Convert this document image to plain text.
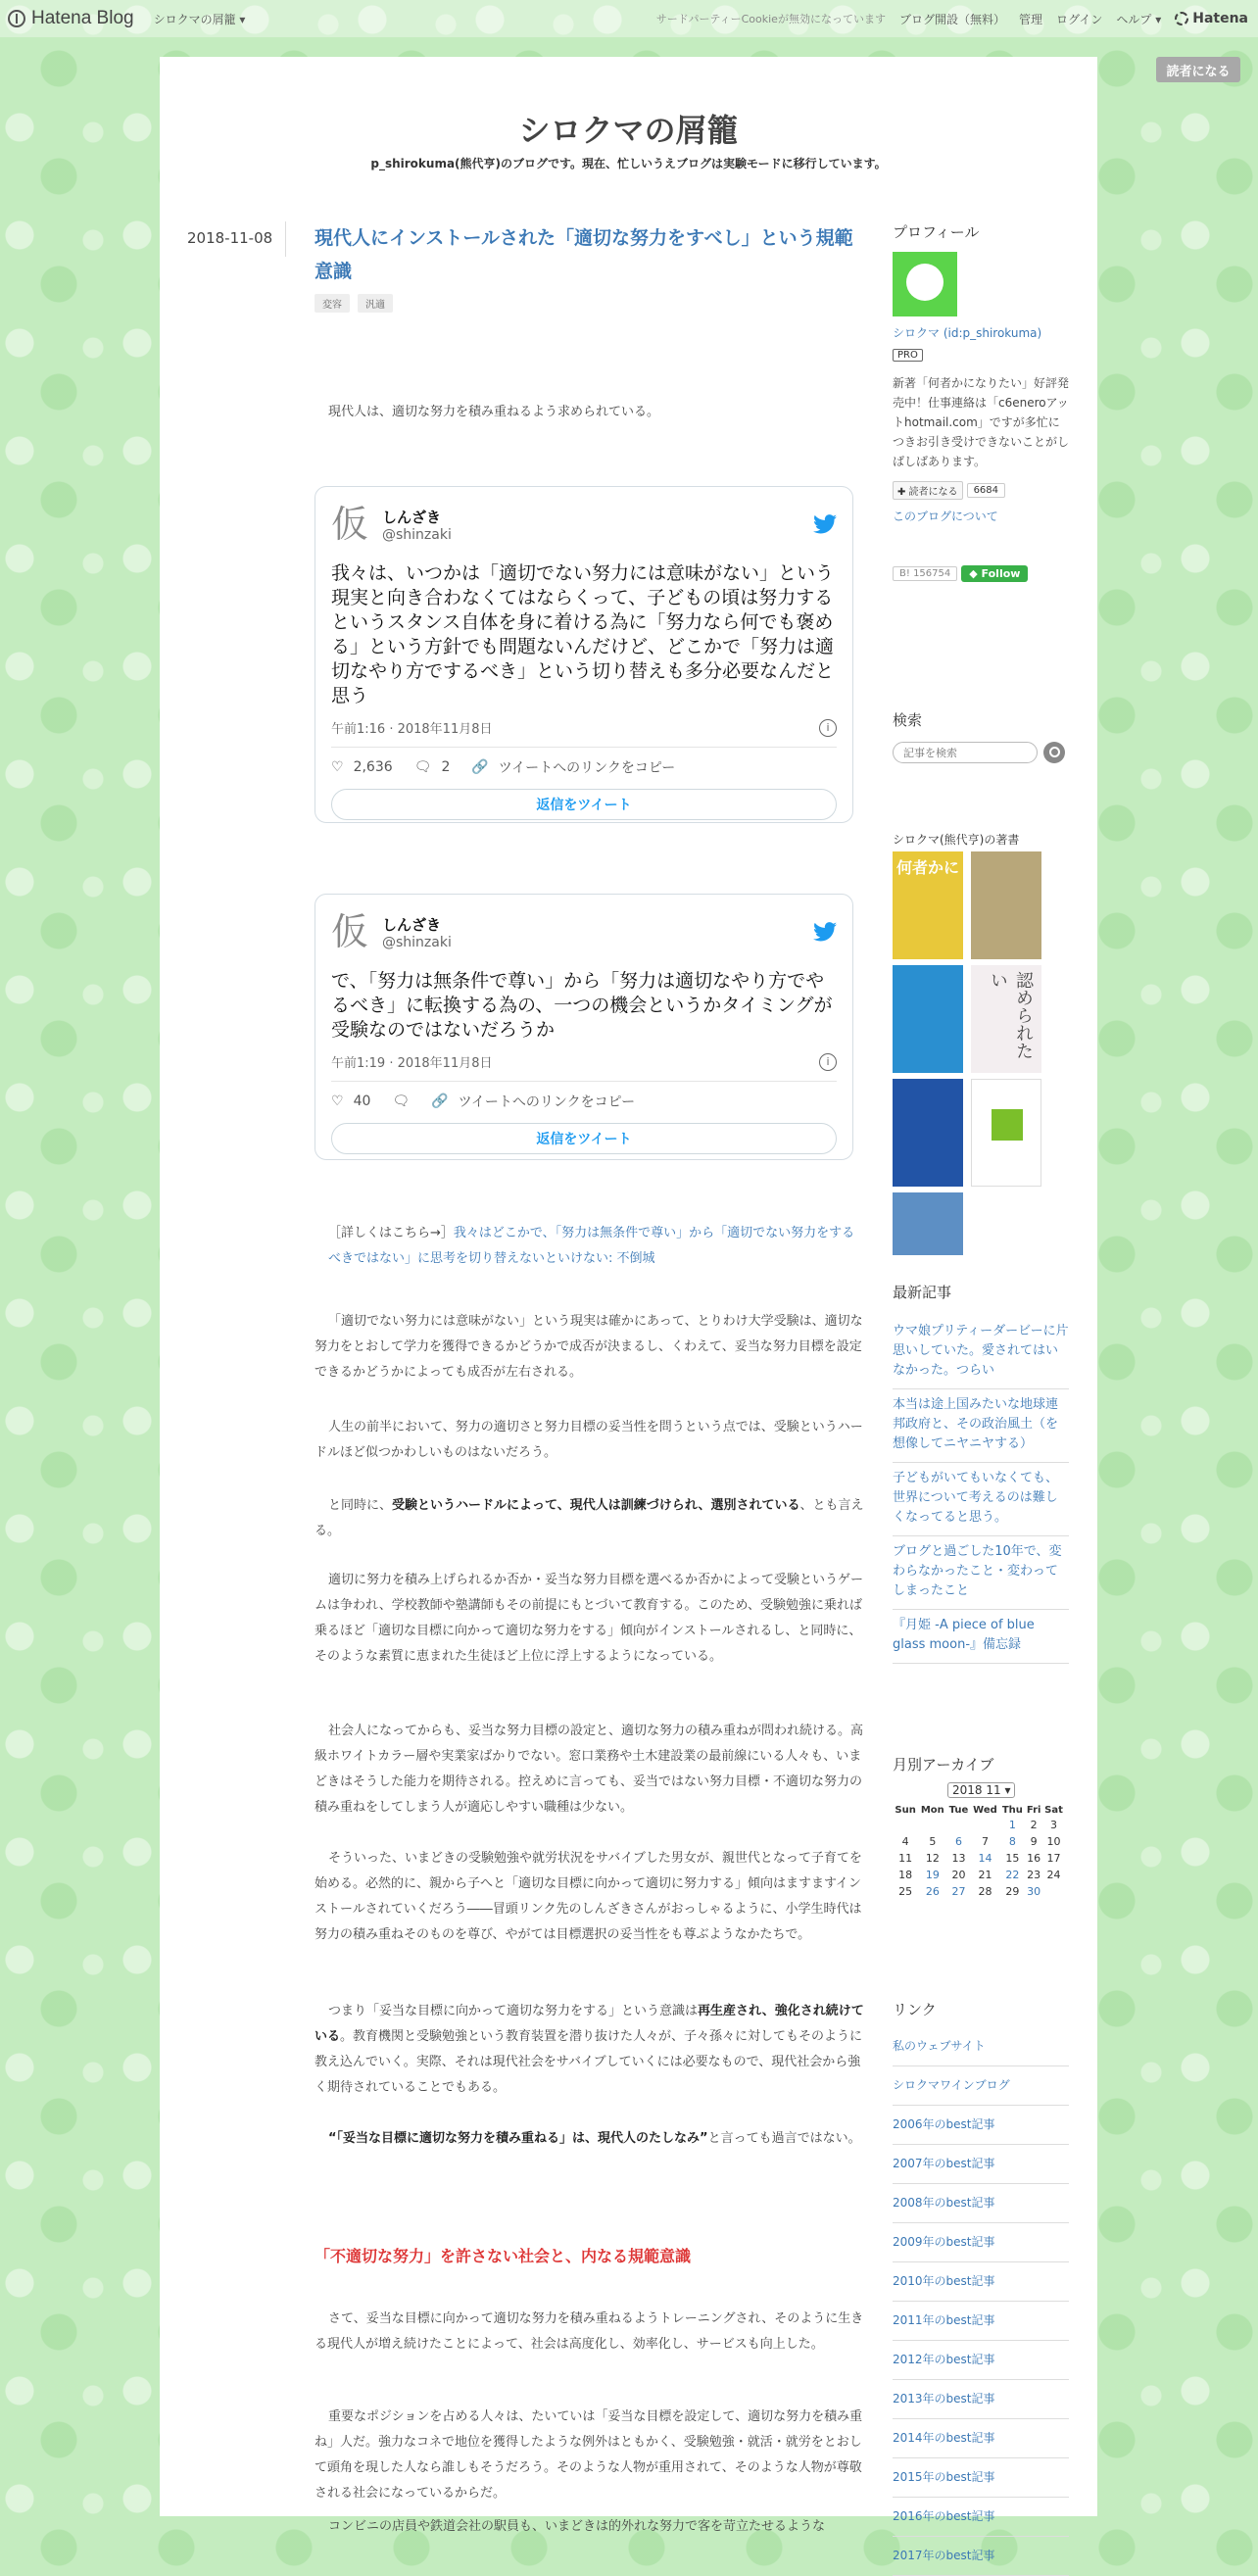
Hatena Blog シロクマの屑籠 ▾	サードパーティーCookieが無効になっています ブログ開設（無料） 管理 ログイン ヘルプ ▾ Hatena
読者になる
シロクマの屑籠
p_shirokuma(熊代亨)のブログです。現在、忙しいうえブログは実験モードに移行しています。
2018-11-08 現代人にインストールされた「適切な努力をすべし」という規範意識
変容	汎適
現代人は、適切な努力を積み重ねるよう求められている。
仮 しんざき
@shinzaki
我々は、いつかは「適切でない努力には意味がない」という現実と向き合わなくてはならくって、子どもの頃は努力するというスタンス自体を身に着ける為に「努力なら何でも褒める」という方針でも問題ないんだけど、どこかで「努力は適切なやり方でするべき」という切り替えも多分必要なんだと思う
午前1:16 · 2018年11月8日	i
♡ 2,636 🗨 2 🔗 ツイートへのリンクをコピー
返信をツイート
仮 しんざき
@shinzaki
で、「努力は無条件で尊い」から「努力は適切なやり方でやるべき」に転換する為の、一つの機会というかタイミングが受験なのではないだろうか
午前1:19 · 2018年11月8日	i
♡ 40 🗨 🔗 ツイートへのリンクをコピー
返信をツイート
［詳しくはこちら→］我々はどこかで、「努力は無条件で尊い」から「適切でない努力をするべきではない」に思考を切り替えないといけない: 不倒城
「適切でない努力には意味がない」という現実は確かにあって、とりわけ大学受験は、適切な努力をとおして学力を獲得できるかどうかで成否が決まるし、くわえて、妥当な努力目標を設定できるかどうかによっても成否が左右される。
人生の前半において、努力の適切さと努力目標の妥当性を問うという点では、受験というハードルほど似つかわしいものはないだろう。
と同時に、受験というハードルによって、現代人は訓練づけられ、選別されている、とも言える。
適切に努力を積み上げられるか否か・妥当な努力目標を選べるか否かによって受験というゲームは争われ、学校教師や塾講師もその前提にもとづいて教育する。このため、受験勉強に乗れば乗るほど「適切な目標に向かって適切な努力をする」傾向がインストールされるし、と同時に、そのような素質に恵まれた生徒ほど上位に浮上するようになっている。
社会人になってからも、妥当な努力目標の設定と、適切な努力の積み重ねが問われ続ける。高級ホワイトカラー層や実業家ばかりでない。窓口業務や土木建設業の最前線にいる人々も、いまどきはそうした能力を期待される。控えめに言っても、妥当ではない努力目標・不適切な努力の積み重ねをしてしまう人が適応しやすい職種は少ない。
そういった、いまどきの受験勉強や就労状況をサバイブした男女が、親世代となって子育てを始める。必然的に、親から子へと「適切な目標に向かって適切に努力する」傾向はますますインストールされていくだろう――冒頭リンク先のしんざきさんがおっしゃるように、小学生時代は努力の積み重ねそのものを尊び、やがては目標選択の妥当性をも尊ぶようなかたちで。
つまり「妥当な目標に向かって適切な努力をする」という意識は再生産され、強化され続けている。教育機関と受験勉強という教育装置を潜り抜けた人々が、子々孫々に対してもそのように教え込んでいく。実際、それは現代社会をサバイブしていくには必要なもので、現代社会から強く期待されていることでもある。
“「妥当な目標に適切な努力を積み重ねる」は、現代人のたしなみ”と言っても過言ではない。
「不適切な努力」を許さない社会と、内なる規範意識
さて、妥当な目標に向かって適切な努力を積み重ねるようトレーニングされ、そのように生きる現代人が増え続けたことによって、社会は高度化し、効率化し、サービスも向上した。
重要なポジションを占める人々は、たいていは「妥当な目標を設定して、適切な努力を積み重ね」人だ。強力なコネで地位を獲得したような例外はともかく、受験勉強・就活・就労をとおして頭角を現した人なら誰しもそうだろう。そのような人物が重用されて、そのような人物が尊敬される社会になっているからだ。
コンビニの店員や鉄道会社の駅員も、いまどきは的外れな努力で客を苛立たせるような
プロフィール
シロクマ (id:p_shirokuma)
PRO
新著「何者かになりたい」好評発売中！仕事連絡は「c6eneroアットhotmail.com」ですが多忙につきお引き受けできないことがしばしばあります。
✚ 読者になる	6684
このブログについて
B! 156754	◆ Follow
検索
記事を検索
シロクマ(熊代亨)の著書
何者かに
認められたい
最新記事
ウマ娘プリティーダービーに片思いしていた。愛されてはいなかった。つらい
本当は途上国みたいな地球連邦政府と、その政治風土（を想像してニヤニヤする）
子どもがいてもいなくても、世界について考えるのは難しくなってると思う。
ブログと過ごした10年で、変わらなかったこと・変わってしまったこと
『月姫 -A piece of blue glass moon-』備忘録
月別アーカイブ
2018 11 ▾
Sun	Mon	Tue	Wed	Thu	Fri	Sat
				1	2	3
4	5	6	7	8	9	10
11	12	13	14	15	16	17
18	19	20	21	22	23	24
25	26	27	28	29	30	
リンク
私のウェブサイト
シロクマワインブログ
2006年のbest記事
2007年のbest記事
2008年のbest記事
2009年のbest記事
2010年のbest記事
2011年のbest記事
2012年のbest記事
2013年のbest記事
2014年のbest記事
2015年のbest記事
2016年のbest記事
2017年のbest記事
